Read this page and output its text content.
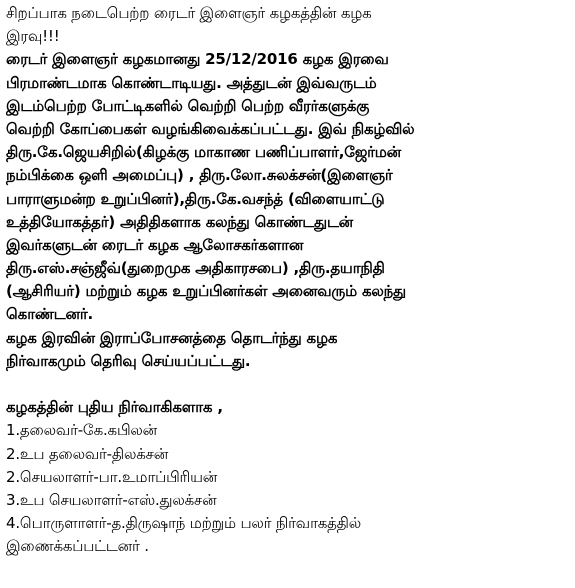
சிறப்பாக நடைபெற்ற ரைடர் இளைஞர் கழகத்தின் கழக
இரவு!!!
ரைடர் இளைஞர் கழகமானது 25/12/2016 கழக இரவை
பிரமாண்டமாக கொண்டாடியது. அத்துடன் இவ்வருடம்
இடம்பெற்ற போட்டிகளில் வெற்றி பெற்ற வீரர்களுக்கு
வெற்றி கோப்பைகள் வழங்கிவைக்கப்பட்டது. இவ் நிகழ்வில்
திரு.கே.ஜெயசிறில்(கிழக்கு மாகாண பணிப்பாளர்,ஜேர்மன்
நம்பிக்கை ஒளி அமைப்பு) , திரு.லோ.சுலக்சன்(இளைஞர்
பாராளுமன்ற உறுப்பினர்),திரு.கே.வசந்த் (விளையாட்டு
உத்தியோகத்தர்) அதிதிகளாக கலந்து கொண்டதுடன்
இவர்களுடன் ரைடர் கழக ஆலோசகர்களான
திரு.எஸ்.சஞ்ஜீவ்(துறைமுக அதிகாரசபை) ,திரு.தயாநிதி
(ஆசிரியர்) மற்றும் கழக உறுப்பினர்கள் அனைவரும் கலந்து
கொண்டனர்.
கழக இரவின் இராப்போசனத்தை தொடர்ந்து கழக
நிர்வாகமும் தெரிவு செய்யப்பட்டது.
கழகத்தின் புதிய நிர்வாகிகளாக ,
1.தலைவர்-கே.கபிலன்
2.உப தலைவர்-திலக்சன்
2.செயலாளர்-பா.உமாப்பிரியன்
3.உப செயலாளர்-எஸ்.துலக்சன்
4.பொருளாளர்-த.திருஷாந் மற்றும் பலர் நிர்வாகத்தில்
இணைக்கப்பட்டனர் .
